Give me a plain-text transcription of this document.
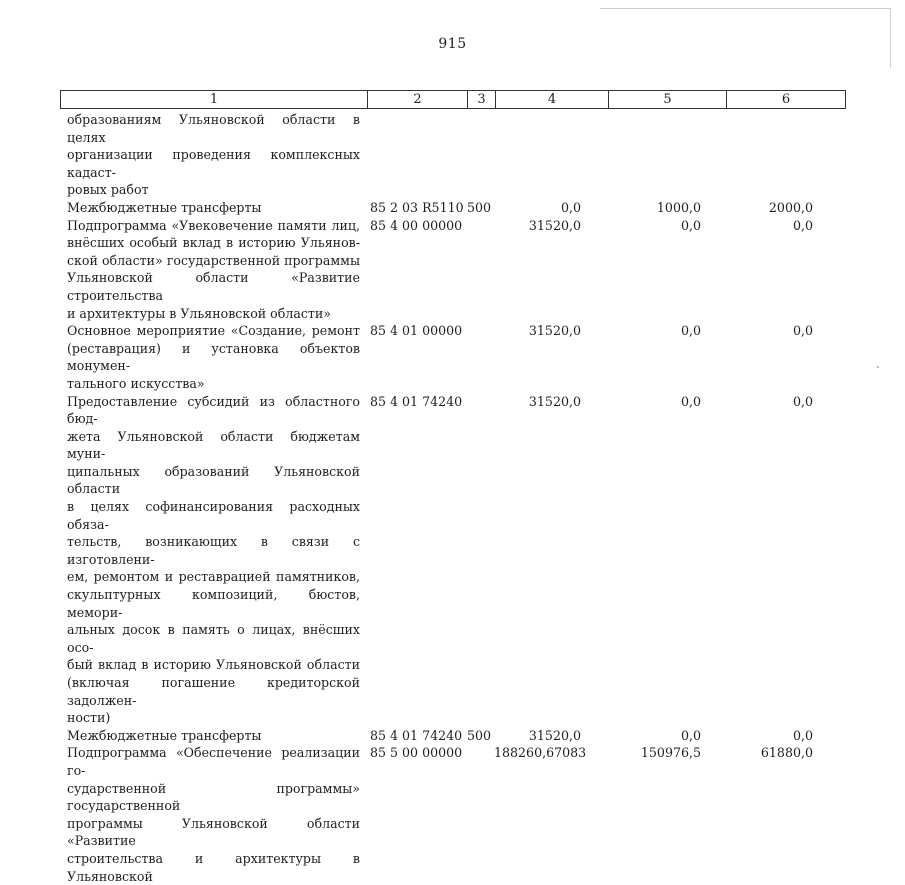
915
1	2	3	4	5	6
образованиям Ульяновской области в целях
организации проведения комплексных кадаст-
ровых работ
Межбюджетные трансферты	85 2 03 R5110 500	0,0	1000,0	2000,0
Подпрограмма «Увековечение памяти лиц,
внёсших особый вклад в историю Ульянов-
ской области» государственной программы
Ульяновской области «Развитие строительства
и архитектуры в Ульяновской области»
85 4 00 00000	31520,0	0,0	0,0
Основное мероприятие «Создание, ремонт
(реставрация) и установка объектов монумен-
тального искусства»
85 4 01 00000	31520,0	0,0	0,0
Предоставление субсидий из областного бюд-
жета Ульяновской области бюджетам муни-
ципальных образований Ульяновской области
в целях софинансирования расходных обяза-
тельств, возникающих в связи с изготовлени-
ем, ремонтом и реставрацией памятников,
скульптурных композиций, бюстов, мемори-
альных досок в память о лицах, внёсших осо-
бый вклад в историю Ульяновской области
(включая погашение кредиторской задолжен-
ности)
85 4 01 74240	31520,0	0,0	0,0
Межбюджетные трансферты	85 4 01 74240 500	31520,0	0,0	0,0
Подпрограмма «Обеспечение реализации го-
сударственной программы» государственной
программы Ульяновской области «Развитие
строительства и архитектуры в Ульяновской
85 5 00 00000	188260,67083	150976,5	61880,0
